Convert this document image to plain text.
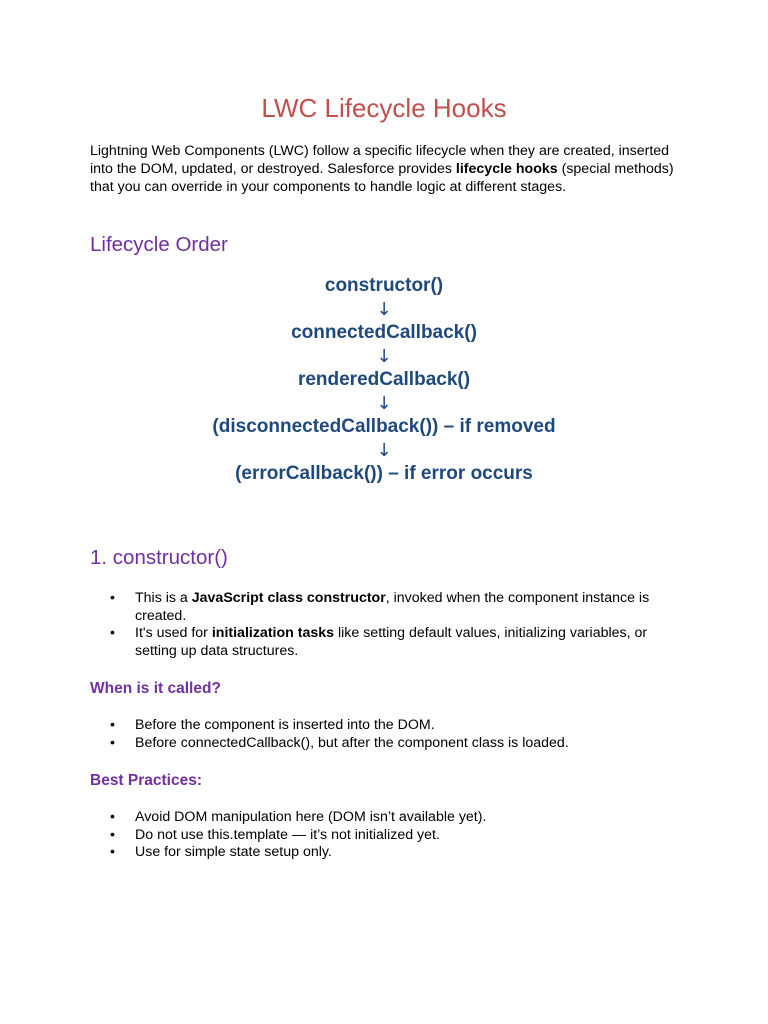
LWC Lifecycle Hooks

Lightning Web Components (LWC) follow a specific lifecycle when they are created, inserted into the DOM, updated, or destroyed. Salesforce provides lifecycle hooks (special methods) that you can override in your components to handle logic at different stages.

Lifecycle Order
constructor()
↓
connectedCallback()
↓
renderedCallback()
↓
(disconnectedCallback()) – if removed
↓
(errorCallback()) – if error occurs
1. constructor()
• This is a JavaScript class constructor, invoked when the component instance is created.
• It's used for initialization tasks like setting default values, initializing variables, or setting up data structures.
When is it called?
• Before the component is inserted into the DOM.
• Before connectedCallback(), but after the component class is loaded.
Best Practices:
• Avoid DOM manipulation here (DOM isn’t available yet).
• Do not use this.template — it’s not initialized yet.
• Use for simple state setup only.
